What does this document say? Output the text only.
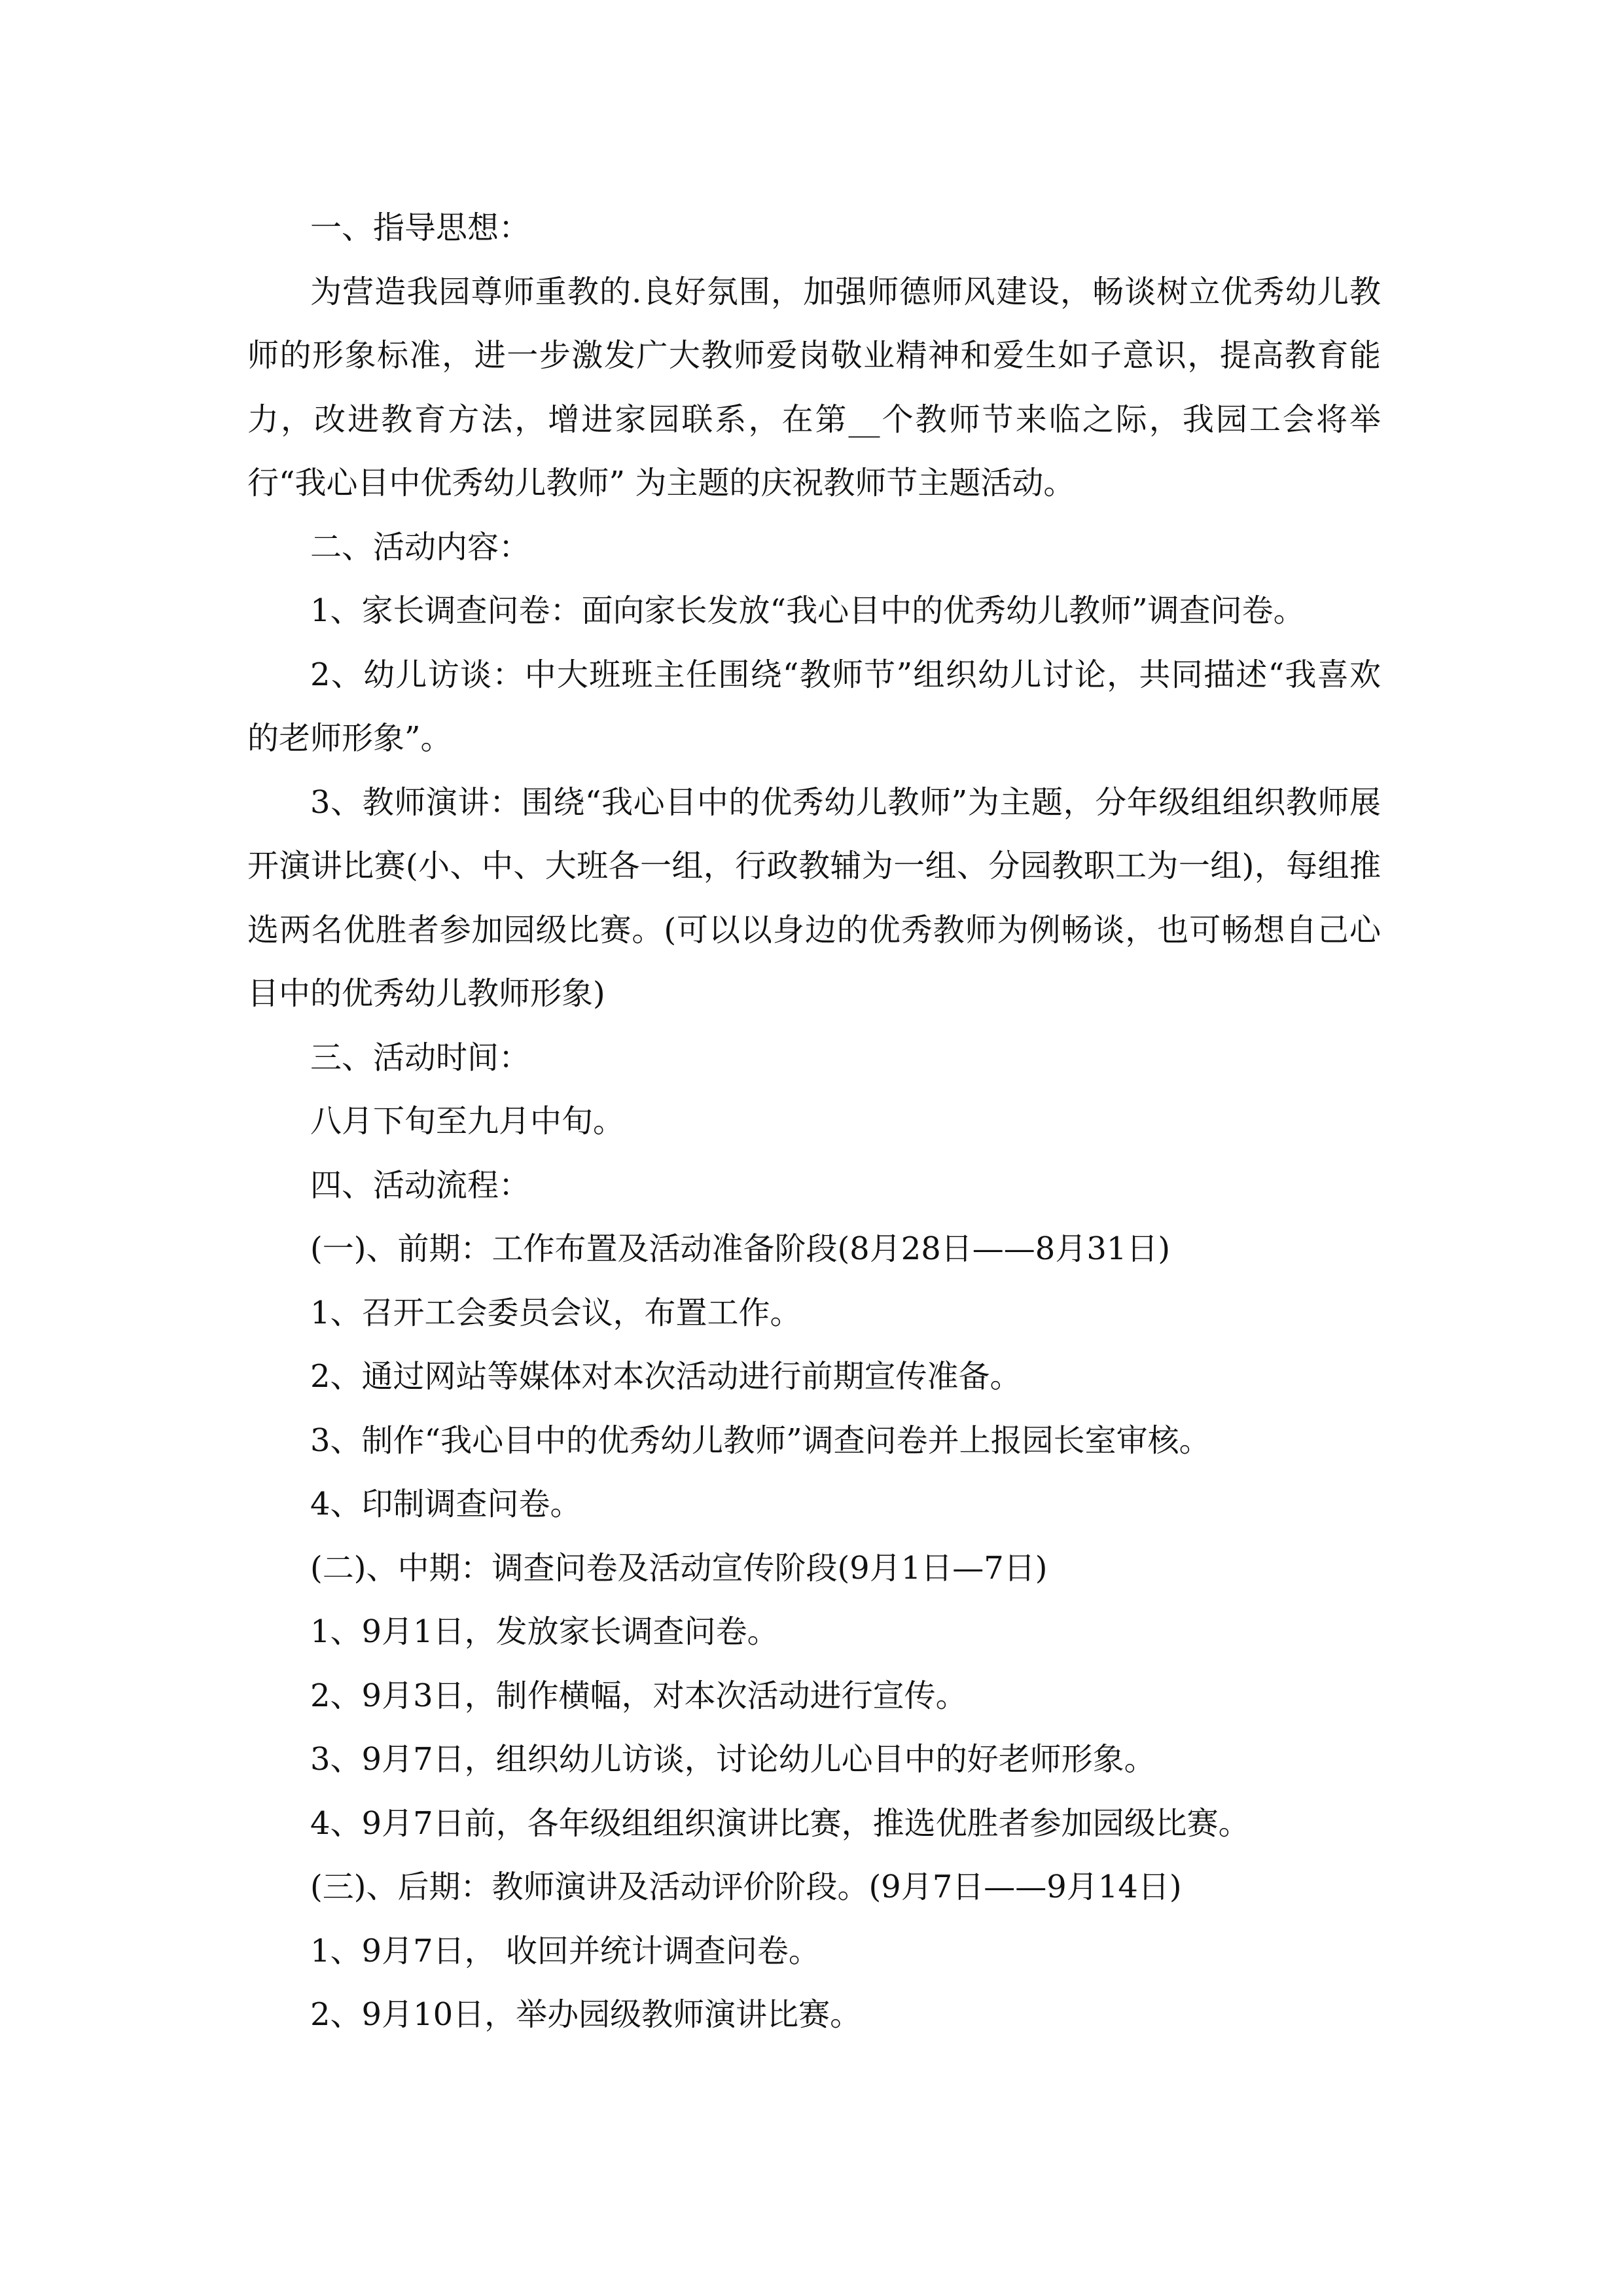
一、指导思想：

为营造我园尊师重教的.良好氛围，加强师德师风建设，畅谈树立优秀幼儿教师的形象标准，进一步激发广大教师爱岗敬业精神和爱生如子意识，提高教育能力，改进教育方法，增进家园联系，在第__个教师节来临之际，我园工会将举行“我心目中优秀幼儿教师” 为主题的庆祝教师节主题活动。

二、活动内容：

1、家长调查问卷：面向家长发放“我心目中的优秀幼儿教师”调查问卷。

2、幼儿访谈：中大班班主任围绕“教师节”组织幼儿讨论，共同描述“我喜欢的老师形象”。

3、教师演讲：围绕“我心目中的优秀幼儿教师”为主题，分年级组组织教师展开演讲比赛(小、中、大班各一组，行政教辅为一组、分园教职工为一组)，每组推选两名优胜者参加园级比赛。(可以以身边的优秀教师为例畅谈，也可畅想自己心目中的优秀幼儿教师形象)

三、活动时间：

八月下旬至九月中旬。

四、活动流程：

(一)、前期：工作布置及活动准备阶段(8月28日——8月31日)

1、召开工会委员会议，布置工作。

2、通过网站等媒体对本次活动进行前期宣传准备。

3、制作“我心目中的优秀幼儿教师”调查问卷并上报园长室审核。

4、印制调查问卷。

(二)、中期：调查问卷及活动宣传阶段(9月1日—7日)

1、9月1日，发放家长调查问卷。

2、9月3日，制作横幅，对本次活动进行宣传。

3、9月7日，组织幼儿访谈，讨论幼儿心目中的好老师形象。

4、9月7日前，各年级组组织演讲比赛，推选优胜者参加园级比赛。

(三)、后期：教师演讲及活动评价阶段。(9月7日——9月14日)

1、9月7日， 收回并统计调查问卷。

2、9月10日，举办园级教师演讲比赛。
